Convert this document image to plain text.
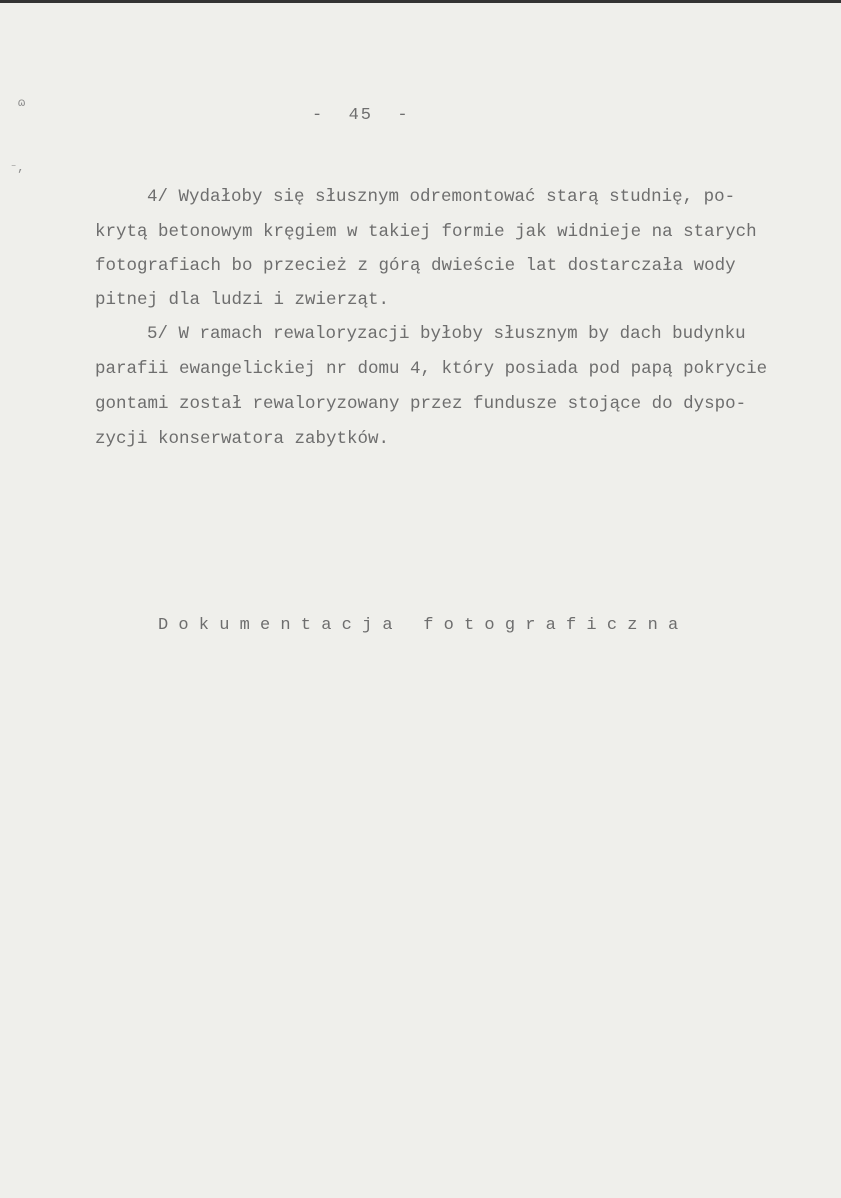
ɷ
⁻,
-  45  -
4/ Wydałoby się słusznym odremontować starą studnię, po-
krytą betonowym kręgiem w takiej formie jak widnieje na starych
fotografiach bo przecież z górą dwieście lat dostarczała wody
pitnej dla ludzi i zwierząt.
5/ W ramach rewaloryzacji byłoby słusznym by dach budynku
parafii ewangelickiej nr domu 4, który posiada pod papą pokrycie
gontami został rewaloryzowany przez fundusze stojące do dyspo-
zycji konserwatora zabytków.
Dokumentacja fotograficzna
